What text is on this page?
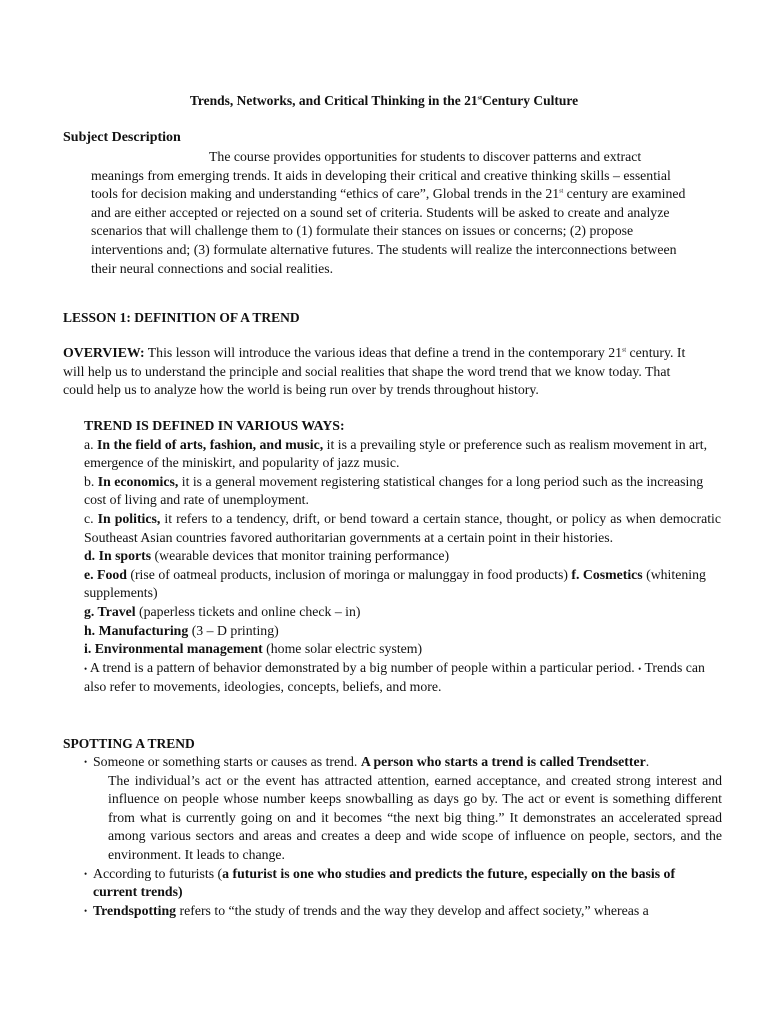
Trends, Networks, and Critical Thinking in the 21stCentury Culture
Subject Description

The course provides opportunities for students to discover patterns and extract meanings from emerging trends. It aids in developing their critical and creative thinking skills – essential tools for decision making and understanding “ethics of care”, Global trends in the 21st century are examined and are either accepted or rejected on a sound set of criteria. Students will be asked to create and analyze scenarios that will challenge them to (1) formulate their stances on issues or concerns; (2) propose interventions and; (3) formulate alternative futures. The students will realize the interconnections between their neural connections and social realities.

LESSON 1: DEFINITION OF A TREND

OVERVIEW: This lesson will introduce the various ideas that define a trend in the contemporary 21st century. It will help us to understand the principle and social realities that shape the word trend that we know today. That could help us to analyze how the world is being run over by trends throughout history.

TREND IS DEFINED IN VARIOUS WAYS:

a. In the field of arts, fashion, and music, it is a prevailing style or preference such as realism movement in art, emergence of the miniskirt, and popularity of jazz music.

b. In economics, it is a general movement registering statistical changes for a long period such as the increasing cost of living and rate of unemployment.

c. In politics, it refers to a tendency, drift, or bend toward a certain stance, thought, or policy as when democratic Southeast Asian countries favored authoritarian governments at a certain point in their histories.

d. In sports (wearable devices that monitor training performance)

e. Food (rise of oatmeal products, inclusion of moringa or malunggay in food products) f. Cosmetics (whitening supplements)

g. Travel (paperless tickets and online check – in)

h. Manufacturing (3 – D printing)

i. Environmental management (home solar electric system)

• A trend is a pattern of behavior demonstrated by a big number of people within a particular period. • Trends can also refer to movements, ideologies, concepts, beliefs, and more.

SPOTTING A TREND
• Someone or something starts or causes as trend. A person who starts a trend is called Trendsetter.
The individual’s act or the event has attracted attention, earned acceptance, and created strong interest and influence on people whose number keeps snowballing as days go by. The act or event is something different from what is currently going on and it becomes “the next big thing.” It demonstrates an accelerated spread among various sectors and areas and creates a deep and wide scope of influence on people, sectors, and the environment. It leads to change.
• According to futurists (a futurist is one who studies and predicts the future, especially on the basis of current trends)
• Trendspotting refers to “the study of trends and the way they develop and affect society,” whereas a
